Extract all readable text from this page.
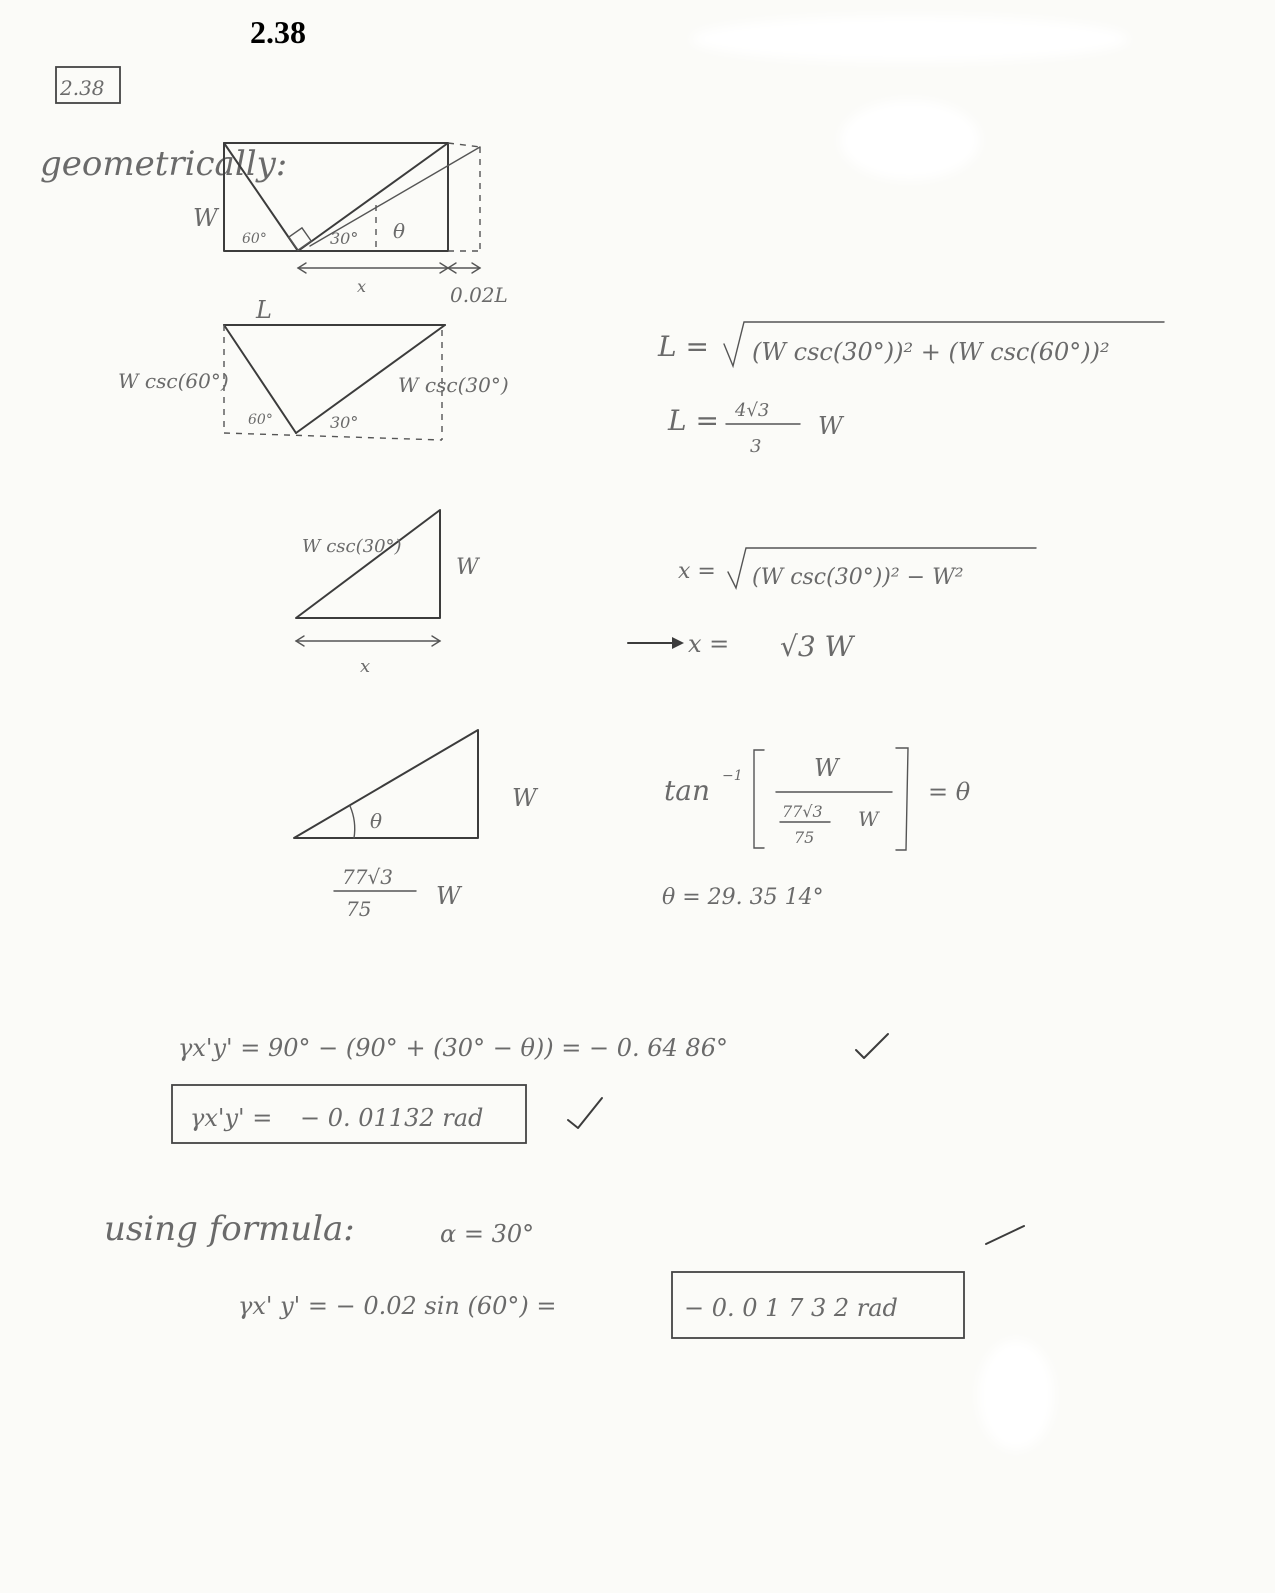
2.38
2.38
geometrically:
W
60°	30° θ
x	0.02L
L
W csc(60°)	W csc(30°)
60°	30°
W csc(30°)
W
x
θ
W
77√3
75	W
L = (W csc(30°))² + (W csc(60°))²
L = 4√3
3
W
x = (W csc(30°))² − W²
x = √3 W
tan −1	W
77√3
75
W
= θ
θ = 29. 35 14°
γx'y' = 90° − (90° + (30° − θ)) = − 0. 64 86°
γx'y' = − 0. 01132 rad
using formula:	α = 30°
γx' y' = − 0.02 sin (60°) =	− 0. 0 1 7 3 2 rad
